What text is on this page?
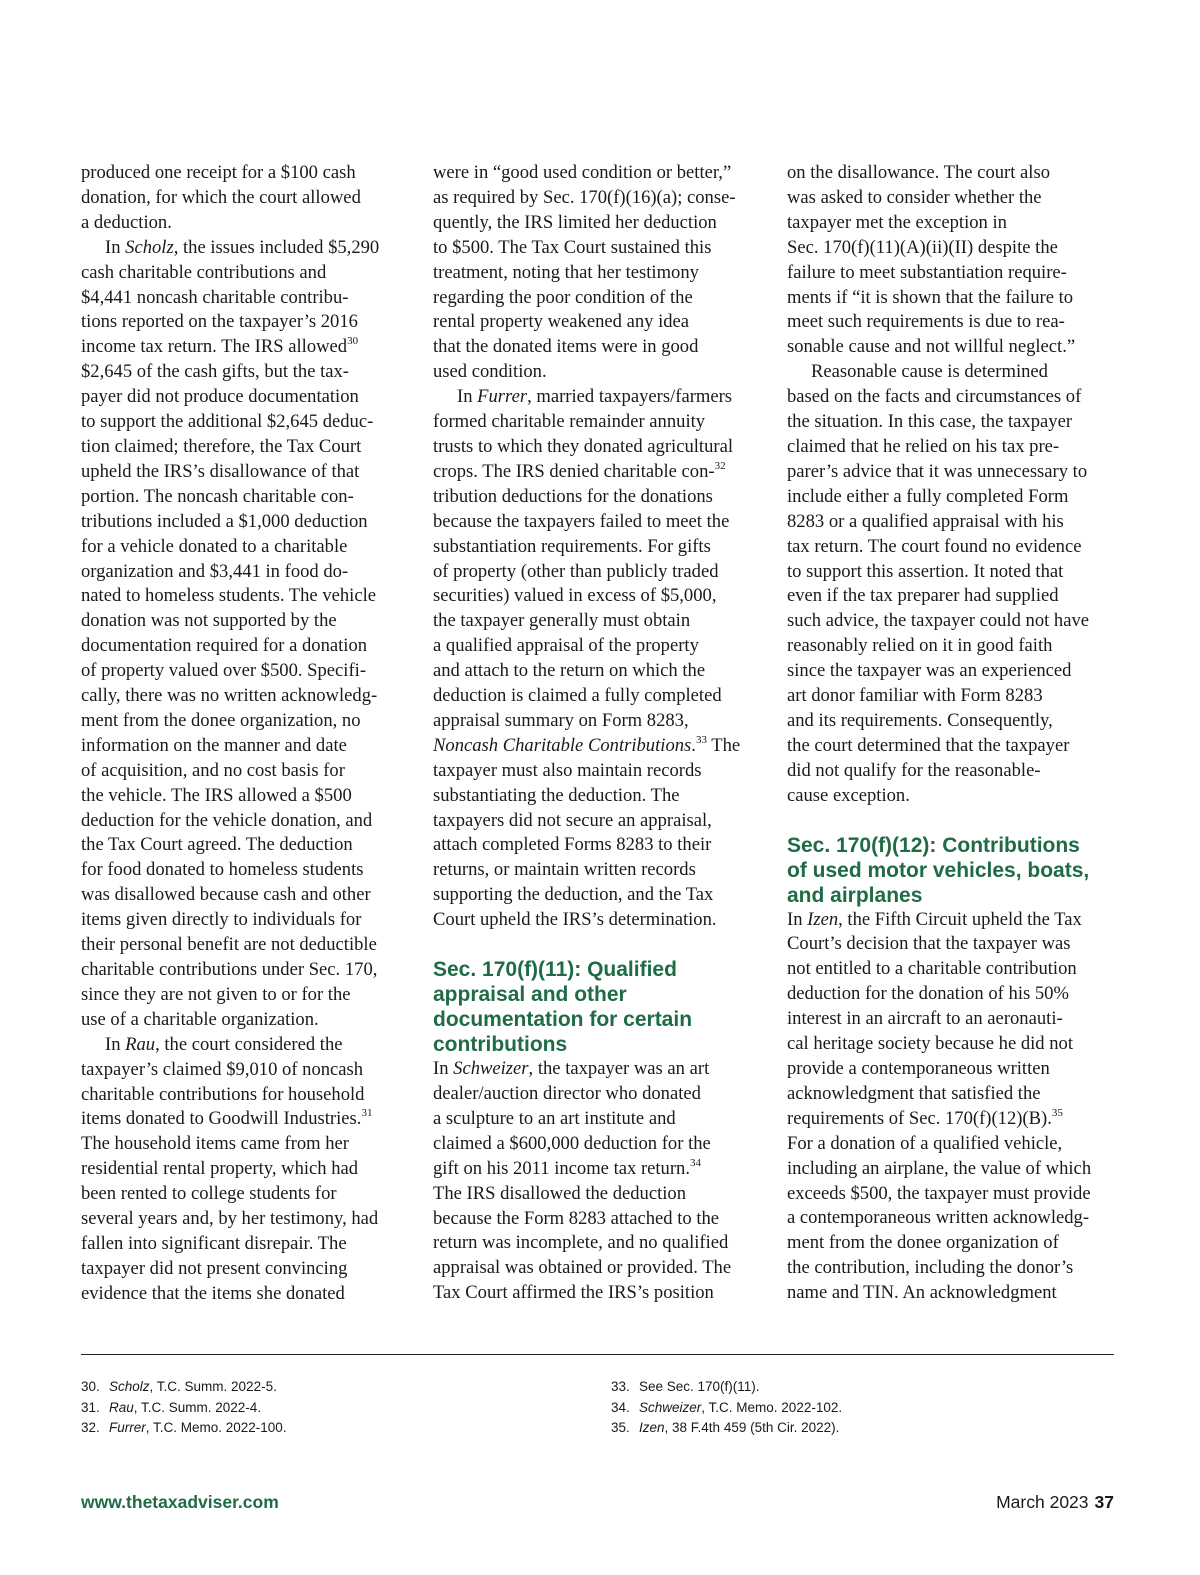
produced one receipt for a $100 cash
donation, for which the court allowed
a deduction.
In Scholz, the issues included $5,290
cash charitable contributions and
$4,441 noncash charitable contribu-
tions reported on the taxpayer’s 2016
income tax return. The IRS allowed$^{30}$
$2,645 of the cash gifts, but the tax-
payer did not produce documentation
to support the additional $2,645 deduc-
tion claimed; therefore, the Tax Court
upheld the IRS’s disallowance of that
portion. The noncash charitable con-
tributions included a $1,000 deduction
for a vehicle donated to a charitable
organization and $3,441 in food do-
nated to homeless students. The vehicle
donation was not supported by the
documentation required for a donation
of property valued over $500. Specifi-
cally, there was no written acknowledg-
ment from the donee organization, no
information on the manner and date
of acquisition, and no cost basis for
the vehicle. The IRS allowed a $500
deduction for the vehicle donation, and
the Tax Court agreed. The deduction
for food donated to homeless students
was disallowed because cash and other
items given directly to individuals for
their personal benefit are not deductible
charitable contributions under Sec. 170,
since they are not given to or for the
use of a charitable organization.
In Rau, the court considered the
taxpayer’s claimed $9,010 of noncash
charitable contributions for household
items donated to Goodwill Industries.$^{31}$
The household items came from her
residential rental property, which had
been rented to college students for
several years and, by her testimony, had
fallen into significant disrepair. The
taxpayer did not present convincing
evidence that the items she donated
were in “good used condition or better,”
as required by Sec. 170(f)(16)(a); conse-
quently, the IRS limited her deduction
to $500. The Tax Court sustained this
treatment, noting that her testimony
regarding the poor condition of the
rental property weakened any idea
that the donated items were in good
used condition.
In Furrer, married taxpayers/farmers
formed charitable remainder annuity
trusts to which they donated agricultural
crops. The IRS denied charitable con-$^{32}$
tribution deductions for the donations
because the taxpayers failed to meet the
substantiation requirements. For gifts
of property (other than publicly traded
securities) valued in excess of $5,000,
the taxpayer generally must obtain
a qualified appraisal of the property
and attach to the return on which the
deduction is claimed a fully completed
appraisal summary on Form 8283,
Noncash Charitable Contributions.$^{33}$ The
taxpayer must also maintain records
substantiating the deduction. The
taxpayers did not secure an appraisal,
attach completed Forms 8283 to their
returns, or maintain written records
supporting the deduction, and the Tax
Court upheld the IRS’s determination.
Sec. 170(f)(11): Qualified
appraisal and other
documentation for certain
contributions
In Schweizer, the taxpayer was an art
dealer/auction director who donated
a sculpture to an art institute and
claimed a $600,000 deduction for the
gift on his 2011 income tax return.$^{34}$
The IRS disallowed the deduction
because the Form 8283 attached to the
return was incomplete, and no qualified
appraisal was obtained or provided. The
Tax Court affirmed the IRS’s position
on the disallowance. The court also
was asked to consider whether the
taxpayer met the exception in
Sec. 170(f)(11)(A)(ii)(II) despite the
failure to meet substantiation require-
ments if “it is shown that the failure to
meet such requirements is due to rea-
sonable cause and not willful neglect.”
Reasonable cause is determined
based on the facts and circumstances of
the situation. In this case, the taxpayer
claimed that he relied on his tax pre-
parer’s advice that it was unnecessary to
include either a fully completed Form
8283 or a qualified appraisal with his
tax return. The court found no evidence
to support this assertion. It noted that
even if the tax preparer had supplied
such advice, the taxpayer could not have
reasonably relied on it in good faith
since the taxpayer was an experienced
art donor familiar with Form 8283
and its requirements. Consequently,
the court determined that the taxpayer
did not qualify for the reasonable-
cause exception.
Sec. 170(f)(12): Contributions
of used motor vehicles, boats,
and airplanes
In Izen, the Fifth Circuit upheld the Tax
Court’s decision that the taxpayer was
not entitled to a charitable contribution
deduction for the donation of his 50%
interest in an aircraft to an aeronauti-
cal heritage society because he did not
provide a contemporaneous written
acknowledgment that satisfied the
requirements of Sec. 170(f)(12)(B).$^{35}$
For a donation of a qualified vehicle,
including an airplane, the value of which
exceeds $500, the taxpayer must provide
a contemporaneous written acknowledg-
ment from the donee organization of
the contribution, including the donor’s
name and TIN. An acknowledgment
30. Scholz, T.C. Summ. 2022-5.
31. Rau, T.C. Summ. 2022-4.
32. Furrer, T.C. Memo. 2022-100.
33. See Sec. 170(f)(11).
34. Schweizer, T.C. Memo. 2022-102.
35. Izen, 38 F.4th 459 (5th Cir. 2022).
www.thetaxadviser.com	March 2023 37
